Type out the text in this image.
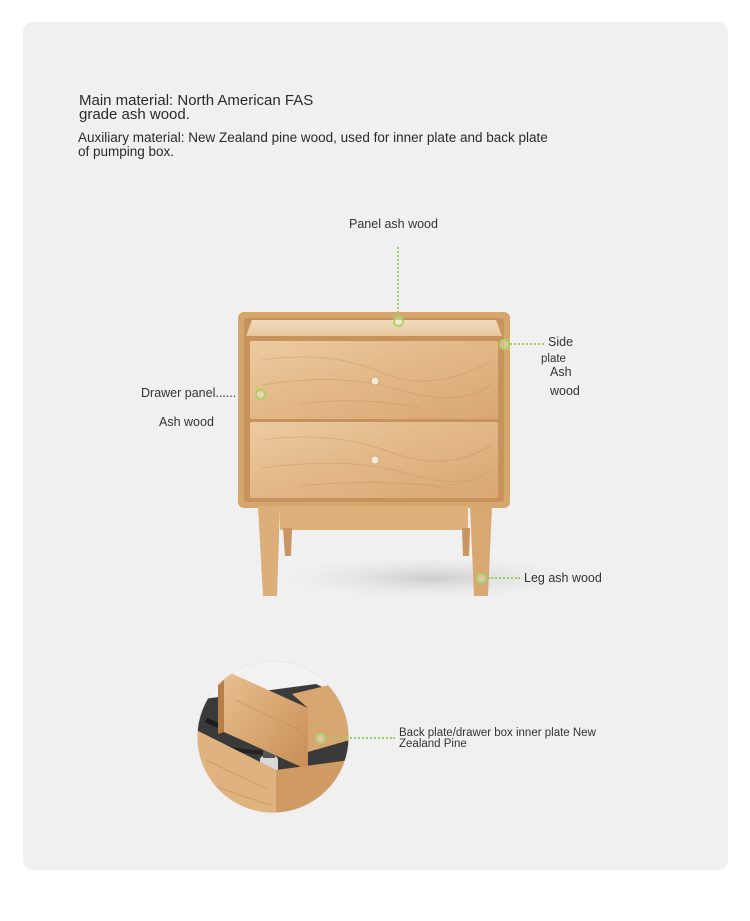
Main material: North American FAS
grade ash wood.
Auxiliary material: New Zealand pine wood, used for inner plate and back plate
of pumping box.
Panel ash wood
Side
plate
Ash
wood
Drawer panel......
Ash wood
Leg ash wood
Back plate/drawer box inner plate New
Zealand Pine
